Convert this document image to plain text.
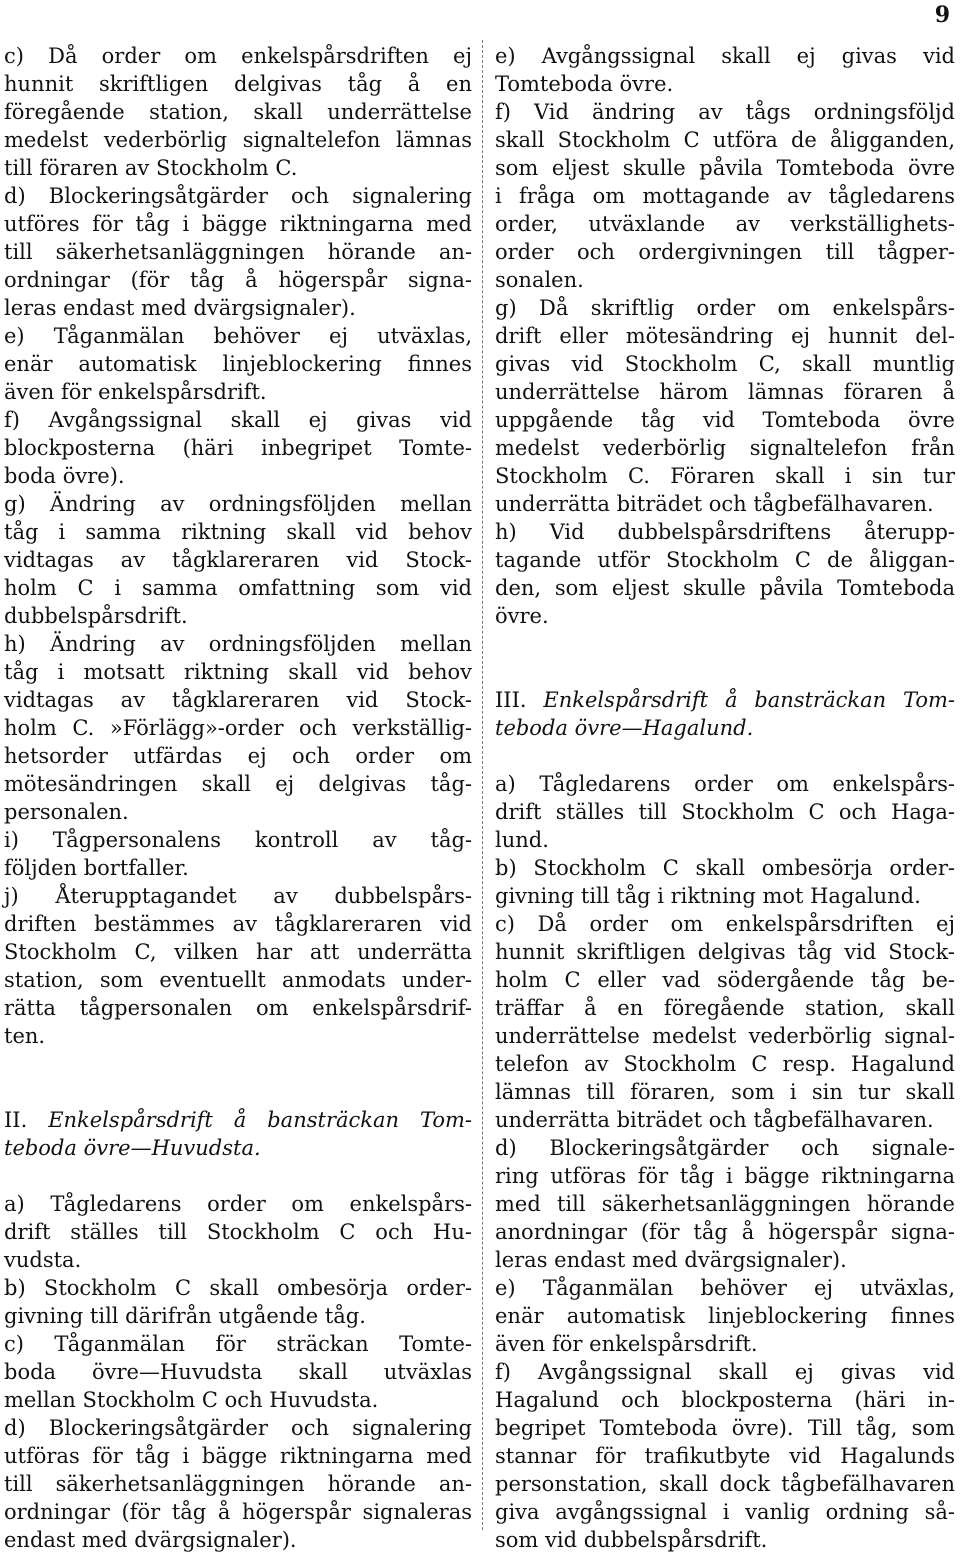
9
c) Då order om enkelspårsdriften ej
hunnit skriftligen delgivas tåg å en
föregående station, skall underrättelse
medelst vederbörlig signaltelefon lämnas
till föraren av Stockholm C.
d) Blockeringsåtgärder och signalering
utföres för tåg i bägge riktningarna med
till säkerhetsanläggningen hörande an-
ordningar (för tåg å högerspår signa-
leras endast med dvärgsignaler).
e) Tåganmälan behöver ej utväxlas,
enär automatisk linjeblockering finnes
även för enkelspårsdrift.
f) Avgångssignal skall ej givas vid
blockposterna (häri inbegripet Tomte-
boda övre).
g) Ändring av ordningsföljden mellan
tåg i samma riktning skall vid behov
vidtagas av tågklareraren vid Stock-
holm C i samma omfattning som vid
dubbelspårsdrift.
h) Ändring av ordningsföljden mellan
tåg i motsatt riktning skall vid behov
vidtagas av tågklareraren vid Stock-
holm C. »Förlägg»-order och verkställig-
hetsorder utfärdas ej och order om
mötesändringen skall ej delgivas tåg-
personalen.
i) Tågpersonalens kontroll av tåg-
följden bortfaller.
j) Återupptagandet av dubbelspårs-
driften bestämmes av tågklareraren vid
Stockholm C, vilken har att underrätta
station, som eventuellt anmodats under-
rätta tågpersonalen om enkelspårsdrif-
ten.
II. Enkelspårsdrift å bansträckan Tom-
teboda övre—Huvudsta.
a) Tågledarens order om enkelspårs-
drift ställes till Stockholm C och Hu-
vudsta.
b) Stockholm C skall ombesörja order-
givning till därifrån utgående tåg.
c) Tåganmälan för sträckan Tomte-
boda övre—Huvudsta skall utväxlas
mellan Stockholm C och Huvudsta.
d) Blockeringsåtgärder och signalering
utföras för tåg i bägge riktningarna med
till säkerhetsanläggningen hörande an-
ordningar (för tåg å högerspår signaleras
endast med dvärgsignaler).
e) Avgångssignal skall ej givas vid
Tomteboda övre.
f) Vid ändring av tågs ordningsföljd
skall Stockholm C utföra de åligganden,
som eljest skulle påvila Tomteboda övre
i fråga om mottagande av tågledarens
order, utväxlande av verkställighets-
order och ordergivningen till tågper-
sonalen.
g) Då skriftlig order om enkelspårs-
drift eller mötesändring ej hunnit del-
givas vid Stockholm C, skall muntlig
underrättelse härom lämnas föraren å
uppgående tåg vid Tomteboda övre
medelst vederbörlig signaltelefon från
Stockholm C. Föraren skall i sin tur
underrätta biträdet och tågbefälhavaren.
h) Vid dubbelspårsdriftens återupp-
tagande utför Stockholm C de åliggan-
den, som eljest skulle påvila Tomteboda
övre.
III. Enkelspårsdrift å bansträckan Tom-
teboda övre—Hagalund.
a) Tågledarens order om enkelspårs-
drift ställes till Stockholm C och Haga-
lund.
b) Stockholm C skall ombesörja order-
givning till tåg i riktning mot Hagalund.
c) Då order om enkelspårsdriften ej
hunnit skriftligen delgivas tåg vid Stock-
holm C eller vad södergående tåg be-
träffar å en föregående station, skall
underrättelse medelst vederbörlig signal-
telefon av Stockholm C resp. Hagalund
lämnas till föraren, som i sin tur skall
underrätta biträdet och tågbefälhavaren.
d) Blockeringsåtgärder och signale-
ring utföras för tåg i bägge riktningarna
med till säkerhetsanläggningen hörande
anordningar (för tåg å högerspår signa-
leras endast med dvärgsignaler).
e) Tåganmälan behöver ej utväxlas,
enär automatisk linjeblockering finnes
även för enkelspårsdrift.
f) Avgångssignal skall ej givas vid
Hagalund och blockposterna (häri in-
begripet Tomteboda övre). Till tåg, som
stannar för trafikutbyte vid Hagalunds
personstation, skall dock tågbefälhavaren
giva avgångssignal i vanlig ordning så-
som vid dubbelspårsdrift.
